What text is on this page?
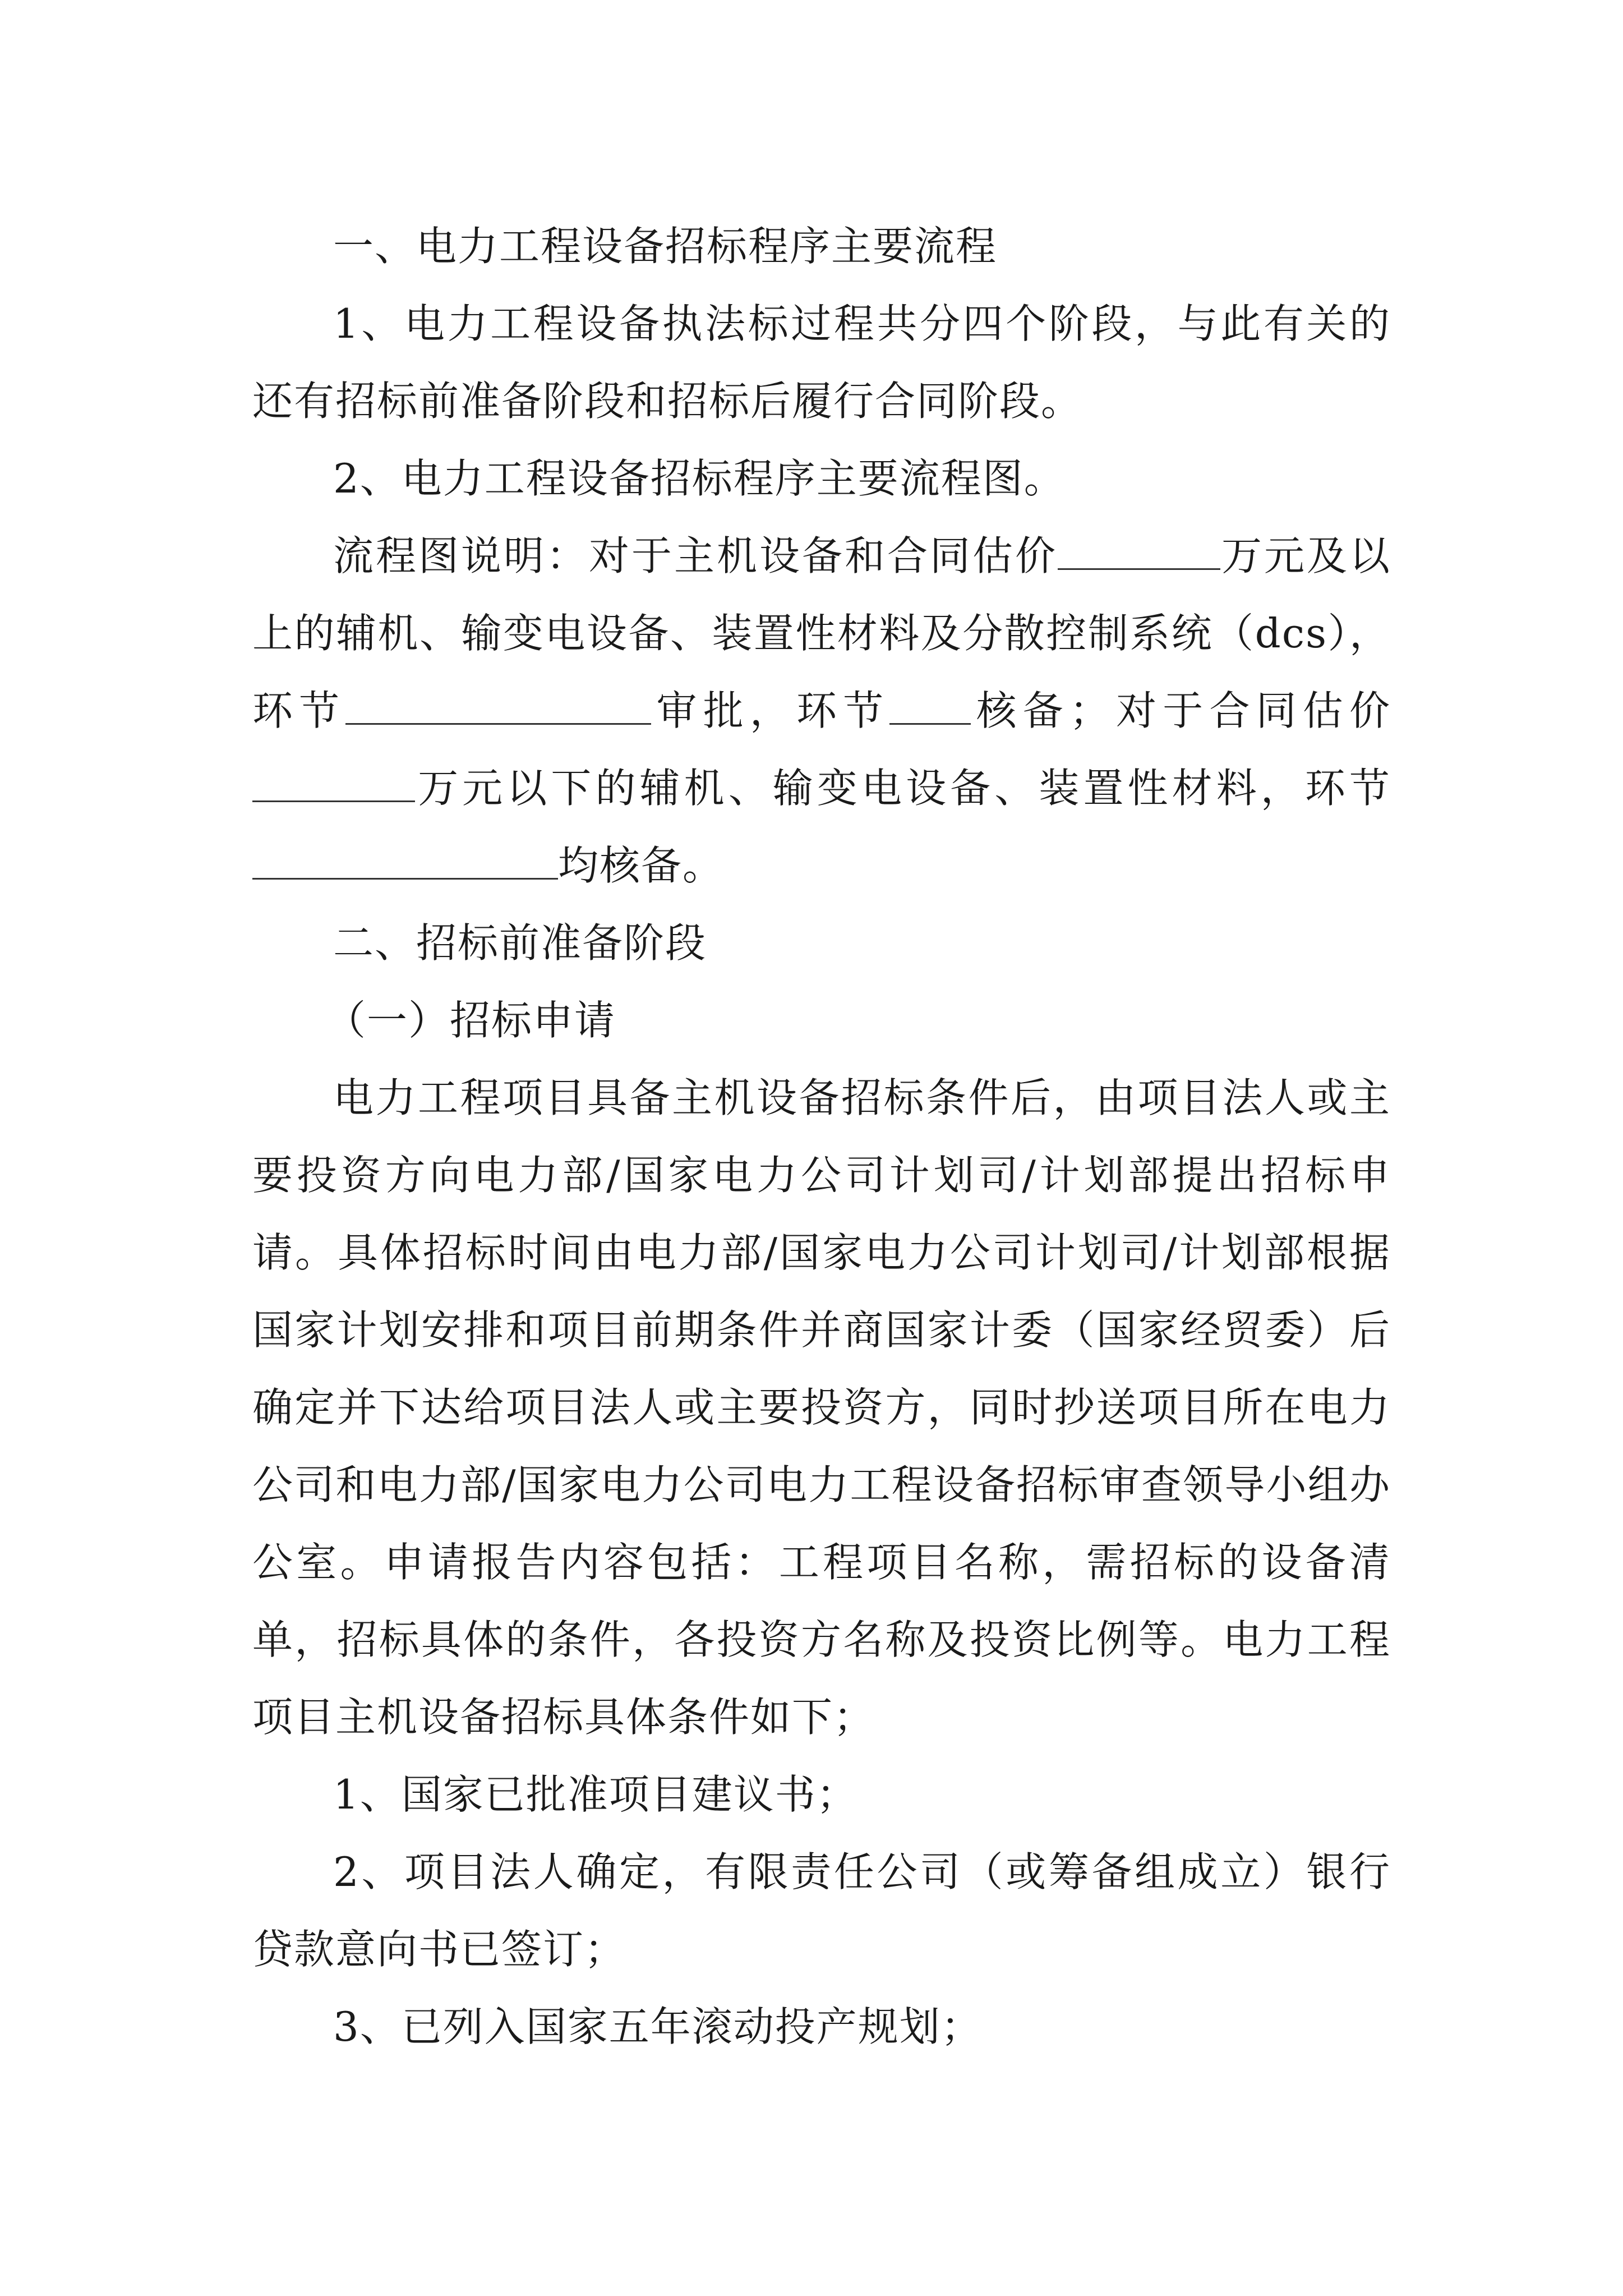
一、电力工程设备招标程序主要流程

1、电力工程设备执法标过程共分四个阶段，与此有关的还有招标前准备阶段和招标后履行合同阶段。

2、电力工程设备招标程序主要流程图。

流程图说明：对于主机设备和合同估价	万元及以上的辅机、输变电设备、装置性材料及分散控制系统（dcs），环节	审批，环节 核备；对于合同估价万元以下的辅机、输变电设备、装置性材料，环节均核备。

二、招标前准备阶段

（一）招标申请

电力工程项目具备主机设备招标条件后，由项目法人或主要投资方向电力部/国家电力公司计划司/计划部提出招标申请。具体招标时间由电力部/国家电力公司计划司/计划部根据国家计划安排和项目前期条件并商国家计委（国家经贸委）后确定并下达给项目法人或主要投资方，同时抄送项目所在电力公司和电力部/国家电力公司电力工程设备招标审查领导小组办公室。申请报告内容包括：工程项目名称，需招标的设备清单，招标具体的条件，各投资方名称及投资比例等。电力工程项目主机设备招标具体条件如下；

1、国家已批准项目建议书；

2、项目法人确定，有限责任公司（或筹备组成立）银行贷款意向书已签订；

3、已列入国家五年滚动投产规划；
